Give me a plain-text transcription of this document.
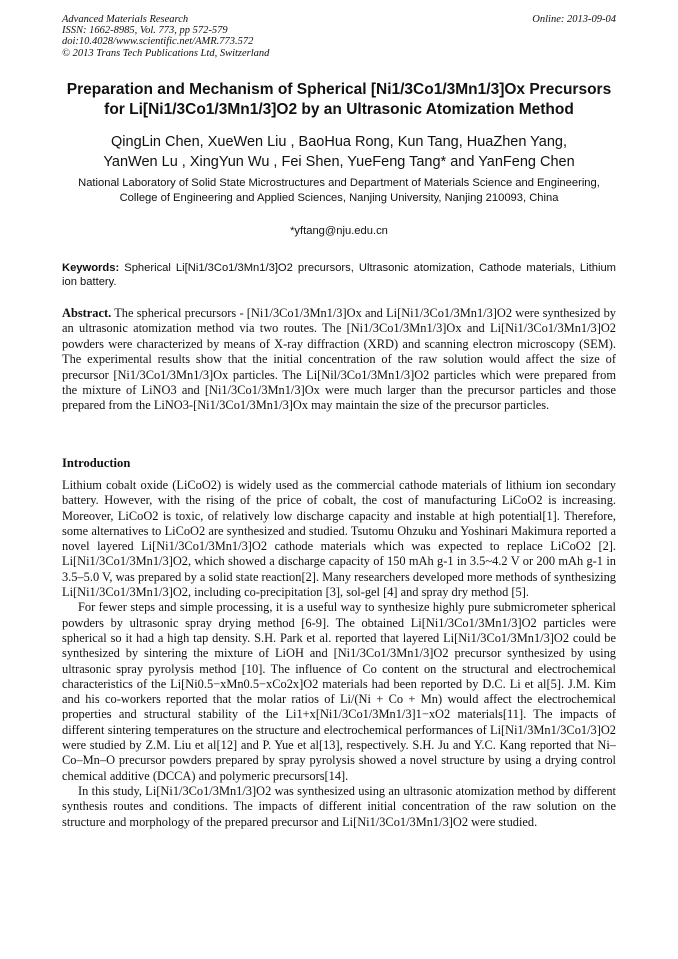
Advanced Materials Research
ISSN: 1662-8985, Vol. 773, pp 572-579
doi:10.4028/www.scientific.net/AMR.773.572
© 2013 Trans Tech Publications Ltd, Switzerland
Online: 2013-09-04
Preparation and Mechanism of Spherical [Ni1/3Co1/3Mn1/3]Ox Precursors
for Li[Ni1/3Co1/3Mn1/3]O2 by an Ultrasonic Atomization Method
QingLin Chen, XueWen Liu , BaoHua Rong, Kun Tang, HuaZhen Yang,
YanWen Lu , XingYun Wu , Fei Shen, YueFeng Tang* and YanFeng Chen
National Laboratory of Solid State Microstructures and Department of Materials Science and Engineering, College of Engineering and Applied Sciences, Nanjing University, Nanjing 210093, China
*yftang@nju.edu.cn
Keywords: Spherical Li[Ni1/3Co1/3Mn1/3]O2 precursors, Ultrasonic atomization, Cathode materials, Lithium ion battery.
Abstract. The spherical precursors - [Ni1/3Co1/3Mn1/3]Ox and Li[Ni1/3Co1/3Mn1/3]O2 were synthesized by an ultrasonic atomization method via two routes. The [Ni1/3Co1/3Mn1/3]Ox and Li[Ni1/3Co1/3Mn1/3]O2 powders were characterized by means of X-ray diffraction (XRD) and scanning electron microscopy (SEM). The experimental results show that the initial concentration of the raw solution would affect the size of precursor [Ni1/3Co1/3Mn1/3]Ox particles. The Li[Nil/3Co1/3Mn1/3]O2 particles which were prepared from the mixture of LiNO3 and [Ni1/3Co1/3Mn1/3]Ox were much larger than the precursor particles and those prepared from the LiNO3-[Ni1/3Co1/3Mn1/3]Ox may maintain the size of the precursor particles.
Introduction

Lithium cobalt oxide (LiCoO2) is widely used as the commercial cathode materials of lithium ion secondary battery. However, with the rising of the price of cobalt, the cost of manufacturing LiCoO2 is increasing. Moreover, LiCoO2 is toxic, of relatively low discharge capacity and instable at high potential[1]. Therefore, some alternatives to LiCoO2 are synthesized and studied. Tsutomu Ohzuku and Yoshinari Makimura reported a novel layered Li[Ni1/3Co1/3Mn1/3]O2 cathode materials which was expected to replace LiCoO2 [2]. Li[Ni1/3Co1/3Mn1/3]O2, which showed a discharge capacity of 150 mAh g-1 in 3.5~4.2 V or 200 mAh g-1 in 3.5–5.0 V, was prepared by a solid state reaction[2]. Many researchers developed more methods of synthesizing Li[Ni1/3Co1/3Mn1/3]O2, including co-precipitation [3], sol-gel [4] and spray dry method [5].

For fewer steps and simple processing, it is a useful way to synthesize highly pure submicrometer spherical powders by ultrasonic spray drying method [6-9]. The obtained Li[Ni1/3Co1/3Mn1/3]O2 particles were spherical so it had a high tap density. S.H. Park et al. reported that layered Li[Ni1/3Co1/3Mn1/3]O2 could be synthesized by sintering the mixture of LiOH and [Ni1/3Co1/3Mn1/3]O2 precursor synthesized by using ultrasonic spray pyrolysis method [10]. The influence of Co content on the structural and electrochemical characteristics of the Li[Ni0.5−xMn0.5−xCo2x]O2 materials had been reported by D.C. Li et al[5]. J.M. Kim and his co-workers reported that the molar ratios of Li/(Ni + Co + Mn) would affect the electrochemical properties and structural stability of the Li1+x[Ni1/3Co1/3Mn1/3]1−xO2 materials[11]. The impacts of different sintering temperatures on the structure and electrochemical performances of Li[Ni1/3Mn1/3Co1/3]O2 were studied by Z.M. Liu et al[12] and P. Yue et al[13], respectively. S.H. Ju and Y.C. Kang reported that Ni–Co–Mn–O precursor powders prepared by spray pyrolysis showed a novel structure by using a drying control chemical additive (DCCA) and polymeric precursors[14].

In this study, Li[Ni1/3Co1/3Mn1/3]O2 was synthesized using an ultrasonic atomization method by different synthesis routes and conditions. The impacts of different initial concentration of the raw solution on the structure and morphology of the prepared precursor and Li[Ni1/3Co1/3Mn1/3]O2 were studied.
